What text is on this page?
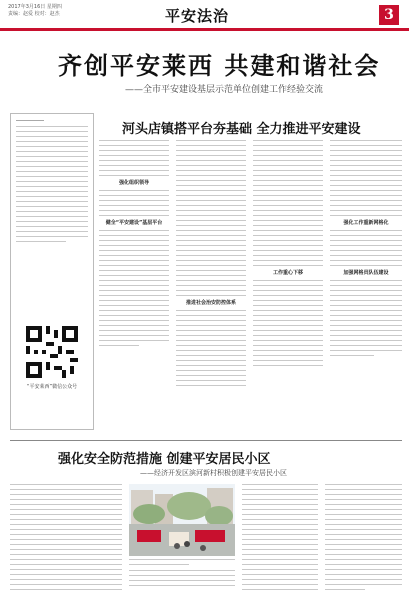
2017年3月16日 星期四
责编：赵爱 校对：赵杰	平安法治	3
齐创平安莱西 共建和谐社会
——全市平安建设基层示范单位创建工作经验交流
“平安莱西”微信公众号
河头店镇搭平台夯基础 全力推进平安建设
强化组织领导
健全“平安建设”基层平台
推进社会治安防控体系
工作重心下移
强化工作重新网格化
加强网格员队伍建设
强化安全防范措施 创建平安居民小区
——经济开发区滨河新村积极创建平安居民小区
